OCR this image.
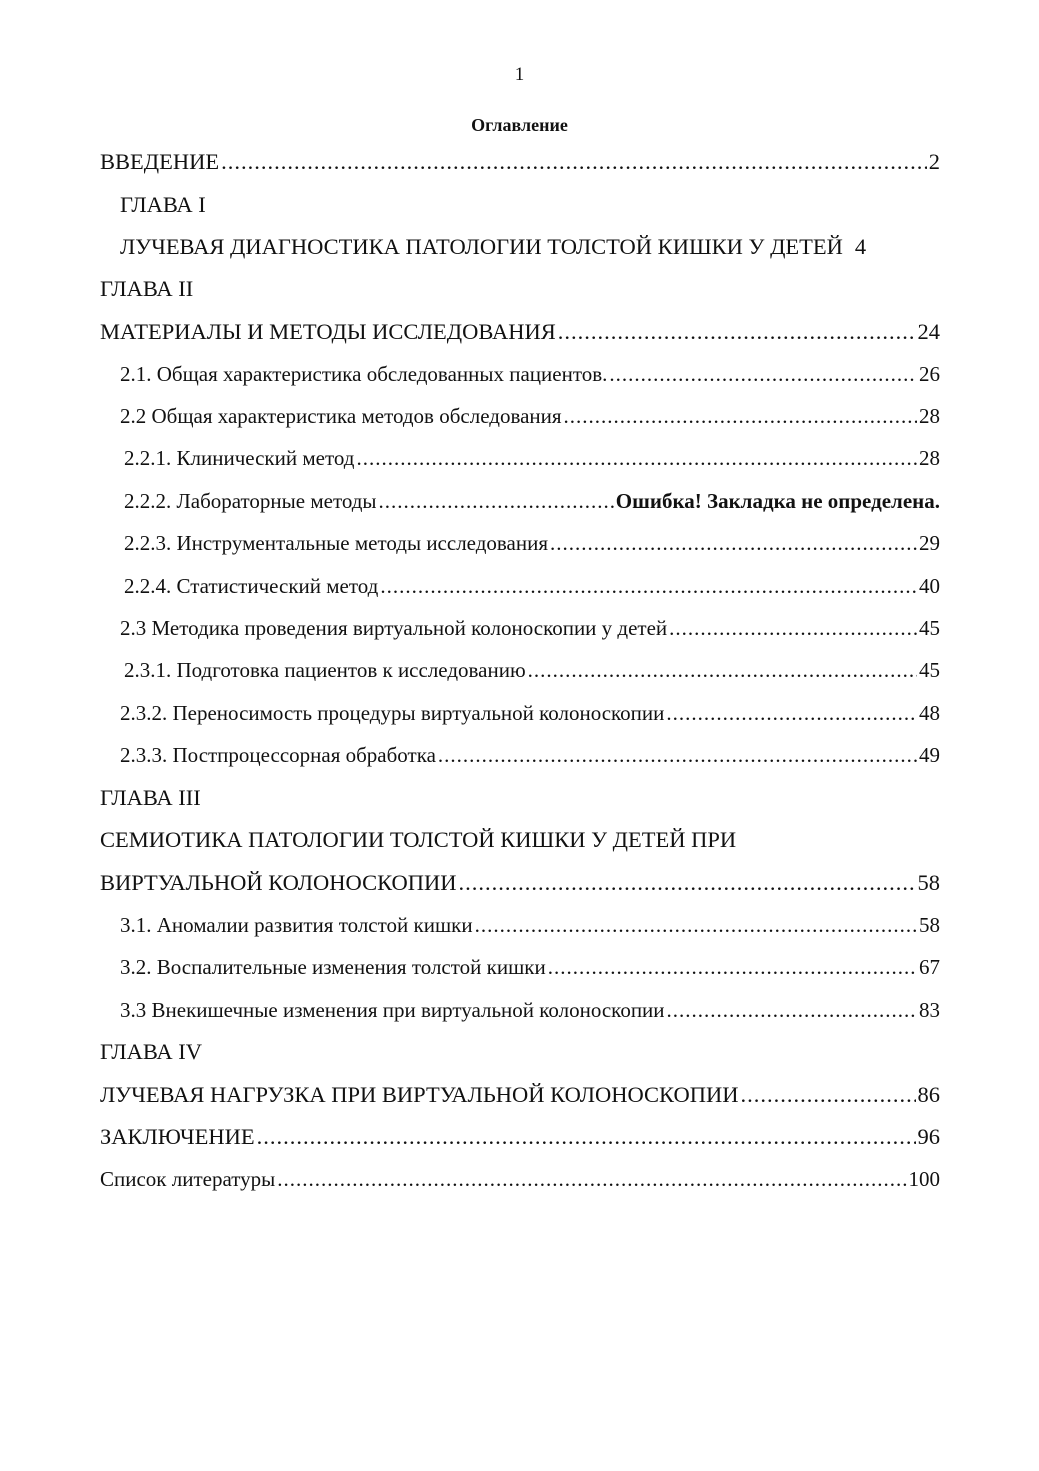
1
Оглавление
ВВЕДЕНИЕ .....	2
ГЛАВА I
ЛУЧЕВАЯ ДИАГНОСТИКА ПАТОЛОГИИ ТОЛСТОЙ КИШКИ У ДЕТЕЙ 4
ГЛАВА II
МАТЕРИАЛЫ И МЕТОДЫ ИССЛЕДОВАНИЯ .....	24
2.1. Общая характеристика обследованных пациентов. .....	26
2.2 Общая характеристика методов обследования .....	28
2.2.1. Клинический метод .....	28
2.2.2. Лабораторные методы .....	Ошибка! Закладка не определена.
2.2.3. Инструментальные методы исследования .....	29
2.2.4. Статистический метод .....	40
2.3 Методика проведения виртуальной колоноскопии у детей .....	45
2.3.1. Подготовка пациентов к исследованию .....	45
2.3.2. Переносимость процедуры виртуальной колоноскопии .....	48
2.3.3. Постпроцессорная обработка .....	49
ГЛАВА III
СЕМИОТИКА ПАТОЛОГИИ ТОЛСТОЙ КИШКИ У ДЕТЕЙ ПРИ
ВИРТУАЛЬНОЙ КОЛОНОСКОПИИ .....	58
3.1. Аномалии развития толстой кишки .....	58
3.2. Воспалительные изменения толстой кишки .....	67
3.3 Внекишечные изменения при виртуальной колоноскопии .....	83
ГЛАВА IV
ЛУЧЕВАЯ НАГРУЗКА ПРИ ВИРТУАЛЬНОЙ КОЛОНОСКОПИИ .....	86
ЗАКЛЮЧЕНИЕ .....	96
Список литературы .....	100
